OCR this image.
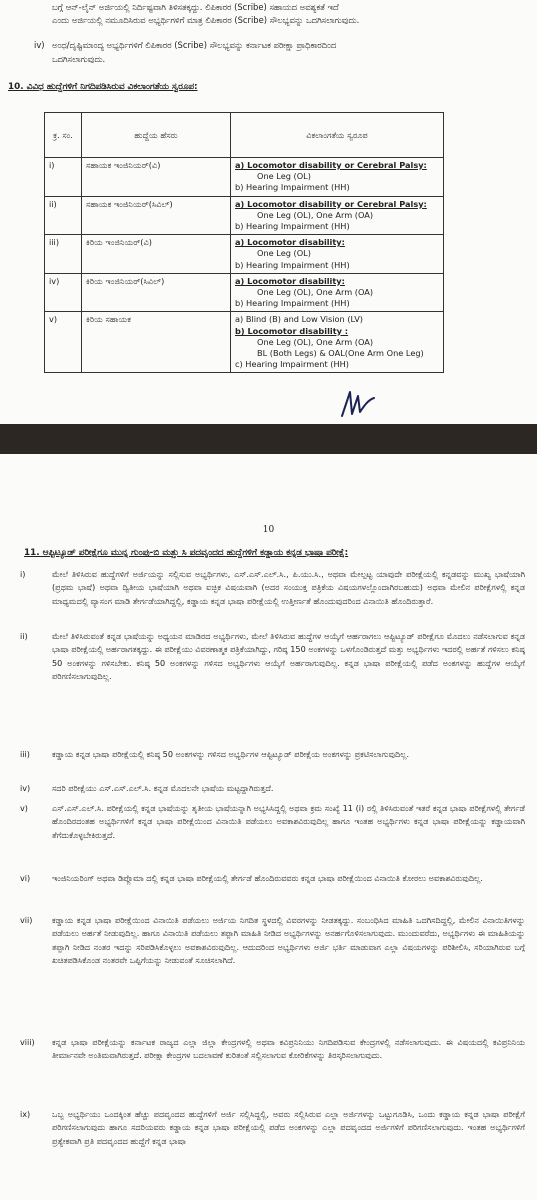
ಬಗ್ಗೆ ಆನ್-ಲೈನ್ ಅರ್ಜಿಯಲ್ಲಿ ನಿರ್ದಿಷ್ಟವಾಗಿ ತಿಳಿಸತಕ್ಕದ್ದು. ಲಿಪಿಕಾರರ (Scribe) ಸಹಾಯದ ಅವಶ್ಯಕತೆ ಇದೆ
ಎಂದು ಅರ್ಜಿಯಲ್ಲಿ ನಮೂದಿಸಿರುವ ಅಭ್ಯರ್ಥಿಗಳಿಗೆ ಮಾತ್ರ ಲಿಪಿಕಾರರ (Scribe) ಸೌಲಭ್ಯವನ್ನು ಒದಗಿಸಲಾಗುವುದು.
iv) ಅಂಧ/ದೃಷ್ಟಿಮಾಂದ್ಯ ಅಭ್ಯರ್ಥಿಗಳಿಗೆ ಲಿಪಿಕಾರರ (Scribe) ಸೌಲಭ್ಯವನ್ನು ಕರ್ನಾಟಕ ಪರೀಕ್ಷಾ ಪ್ರಾಧಿಕಾರದಿಂದ
ಒದಗಿಸಲಾಗುವುದು.
10. ವಿವಿಧ ಹುದ್ದೆಗಳಿಗೆ ನಿಗದಿಪಡಿಸಿರುವ ವಿಕಲಾಂಗತೆಯ ಸ್ವರೂಪ:
ಕ್ರ. ಸಂ.	ಹುದ್ದೆಯ ಹೆಸರು	ವಿಕಲಾಂಗತೆಯ ಸ್ವರೂಪ
i)	ಸಹಾಯಕ ಇಂಜಿನಿಯರ್(ವಿ)	a) Locomotor disability or Cerebral Palsy:
One Leg (OL)
b) Hearing Impairment (HH)

ii)	ಸಹಾಯಕ ಇಂಜಿನಿಯರ್(ಸಿವಿಲ್)	a) Locomotor disability or Cerebral Palsy:
One Leg (OL), One Arm (OA)
b) Hearing Impairment (HH)

iii)	ಕಿರಿಯ ಇಂಜಿನಿಯರ್(ವಿ)	a) Locomotor disability:
One Leg (OL)
b) Hearing Impairment (HH)

iv)	ಕಿರಿಯ ಇಂಜಿನಿಯರ್(ಸಿವಿಲ್)	a) Locomotor disability:
One Leg (OL), One Arm (OA)
b) Hearing Impairment (HH)

v)	ಕಿರಿಯ ಸಹಾಯಕ	a) Blind (B) and Low Vision (LV)
b) Locomotor disability :
One Leg (OL), One Arm (OA)
BL (Both Legs) & OAL(One Arm One Leg)
c) Hearing Impairment (HH)
10
11. ಆಪ್ಟಿಟ್ಯೂಡ್ ಪರೀಕ್ಷೆಗೂ ಮುನ್ನ ಗುಂಪು-ಬಿ ಮತ್ತು ಸಿ ಪದವೃಂದದ ಹುದ್ದೆಗಳಿಗೆ ಕಡ್ಡಾಯ ಕನ್ನಡ ಭಾಷಾ ಪರೀಕ್ಷೆ:
i)	ಮೇಲೆ ತಿಳಿಸಿರುವ ಹುದ್ದೆಗಳಿಗೆ ಅರ್ಜಿಯನ್ನು ಸಲ್ಲಿಸುವ ಅಭ್ಯರ್ಥಿಗಳು, ಎಸ್.ಎಸ್.ಎಲ್.ಸಿ., ಪಿ.ಯು.ಸಿ., ಅಥವಾ ಮೇಲ್ಪಟ್ಟ ಯಾವುದೇ ಪರೀಕ್ಷೆಯಲ್ಲಿ ಕನ್ನಡವನ್ನು ಮುಖ್ಯ ಭಾಷೆಯಾಗಿ (ಪ್ರಥಮ ಭಾಷೆ) ಅಥವಾ ದ್ವಿತೀಯ ಭಾಷೆಯಾಗಿ ಅಥವಾ ಐಚ್ಛಿಕ ವಿಷಯವಾಗಿ (ಅದರ ಸಂಯುಕ್ತ ಪತ್ರಿಕೆಯ ವಿಷಯಗಳಲ್ಲೊಂದಾಗಿರಬಹುದು) ಅಥವಾ ಮೇಲಿನ ಪರೀಕ್ಷೆಗಳಲ್ಲಿ ಕನ್ನಡ ಮಾಧ್ಯಮದಲ್ಲಿ ವ್ಯಾಸಂಗ ಮಾಡಿ ತೇರ್ಗಡೆಯಾಗಿದ್ದಲ್ಲಿ, ಕಡ್ಡಾಯ ಕನ್ನಡ ಭಾಷಾ ಪರೀಕ್ಷೆಯಲ್ಲಿ ಉತ್ತೀರ್ಣತೆ ಹೊಂದುವುದರಿಂದ ವಿನಾಯಿತಿ ಹೊಂದಿರುತ್ತಾರೆ.
ii)	ಮೇಲೆ ತಿಳಿಸಿರುವಂತೆ ಕನ್ನಡ ಭಾಷೆಯನ್ನು ಅಧ್ಯಯನ ಮಾಡಿರದ ಅಭ್ಯರ್ಥಿಗಳು, ಮೇಲೆ ತಿಳಿಸಿರುವ ಹುದ್ದೆಗಳ ಆಯ್ಕೆಗೆ ಆರ್ಹರಾಗಲು ಆಪ್ಟಿಟ್ಯೂಡ್ ಪರೀಕ್ಷೆಗೂ ಮೊದಲು ನಡೆಸಲಾಗುವ ಕನ್ನಡ ಭಾಷಾ ಪರೀಕ್ಷೆಯಲ್ಲಿ ಅರ್ಹರಾಗತಕ್ಕದ್ದು. ಈ ಪರೀಕ್ಷೆಯು ವಿವರಣಾತ್ಮಕ ಪತ್ರಿಕೆಯಾಗಿದ್ದು, ಗರಿಷ್ಠ 150 ಅಂಕಗಳನ್ನು ಒಳಗೊಂಡಿರುತ್ತದೆ ಮತ್ತು ಅಭ್ಯರ್ಥಿಗಳು ಇದರಲ್ಲಿ ಅರ್ಹತೆ ಗಳಿಸಲು ಕನಿಷ್ಠ 50 ಅಂಕಗಳನ್ನು ಗಳಿಸಬೇಕು. ಕನಿಷ್ಠ 50 ಅಂಕಗಳನ್ನು ಗಳಿಸದ ಅಭ್ಯರ್ಥಿಗಳು ಆಯ್ಕೆಗೆ ಅರ್ಹರಾಗುವುದಿಲ್ಲ. ಕನ್ನಡ ಭಾಷಾ ಪರೀಕ್ಷೆಯಲ್ಲಿ ಪಡೆದ ಅಂಕಗಳನ್ನು ಹುದ್ದೆಗಳ ಆಯ್ಕೆಗೆ ಪರಿಗಣಿಸಲಾಗುವುದಿಲ್ಲ.
iii)	ಕಡ್ಡಾಯ ಕನ್ನಡ ಭಾಷಾ ಪರೀಕ್ಷೆಯಲ್ಲಿ ಕನಿಷ್ಠ 50 ಅಂಕಗಳನ್ನು ಗಳಿಸದ ಅಭ್ಯರ್ಥಿಗಳ ಆಪ್ಟಿಟ್ಯೂಡ್ ಪರೀಕ್ಷೆಯ ಅಂಕಗಳನ್ನು ಪ್ರಕಟಿಸಲಾಗುವುದಿಲ್ಲ.
iv)	ಸದರಿ ಪರೀಕ್ಷೆಯು ಎಸ್.ಎಸ್.ಎಲ್.ಸಿ. ಕನ್ನಡ ಮೊದಲನೇ ಭಾಷೆಯ ಮಟ್ಟದ್ದಾಗಿರುತ್ತದೆ.
v)	ಎಸ್.ಎಸ್.ಎಲ್.ಸಿ. ಪರೀಕ್ಷೆಯಲ್ಲಿ ಕನ್ನಡ ಭಾಷೆಯನ್ನು ತೃತೀಯ ಭಾಷೆಯನ್ನಾಗಿ ಅಭ್ಯಸಿಸಿದ್ದಲ್ಲಿ ಅಥವಾ ಕ್ರಮ ಸಂಖ್ಯೆ 11 (i) ರಲ್ಲಿ ತಿಳಿಸಿರುವಂತೆ ಇತರೆ ಕನ್ನಡ ಭಾಷಾ ಪರೀಕ್ಷೆಗಳಲ್ಲಿ ತೇರ್ಗಡೆ ಹೊಂದಿರದಂತಹ ಅಭ್ಯರ್ಥಿಗಳಿಗೆ ಕನ್ನಡ ಭಾಷಾ ಪರೀಕ್ಷೆಯಿಂದ ವಿನಾಯಿತಿ ಪಡೆಯಲು ಅವಕಾಶವಿರುವುದಿಲ್ಲ ಹಾಗೂ ಇಂತಹ ಅಭ್ಯರ್ಥಿಗಳು ಕನ್ನಡ ಭಾಷಾ ಪರೀಕ್ಷೆಯನ್ನು ಕಡ್ಡಾಯವಾಗಿ ತೆಗೆದುಕೊಳ್ಳಬೇಕಿರುತ್ತದೆ.
vi)	ಇಂಜಿನಿಯರಿಂಗ್ ಅಥವಾ ಡಿಪ್ಲೊಮಾ ದಲ್ಲಿ ಕನ್ನಡ ಭಾಷಾ ಪರೀಕ್ಷೆಯಲ್ಲಿ ತೇರ್ಗಡೆ ಹೊಂದಿರುವವರು ಕನ್ನಡ ಭಾಷಾ ಪರೀಕ್ಷೆಯಿಂದ ವಿನಾಯಿತಿ ಕೋರಲು ಅವಕಾಶವಿರುವುದಿಲ್ಲ.
vii) ಕಡ್ಡಾಯ ಕನ್ನಡ ಭಾಷಾ ಪರೀಕ್ಷೆಯಿಂದ ವಿನಾಯಿತಿ ಪಡೆಯಲು ಅರ್ಜಿಯ ನಿಗದಿತ ಸ್ಥಳದಲ್ಲಿ ವಿವರಗಳನ್ನು ನೀಡತಕ್ಕದ್ದು. ಸಂಬಂಧಿಸಿದ ಮಾಹಿತಿ ಒದಗಿಸದಿದ್ದಲ್ಲಿ, ಮೇಲಿನ ವಿನಾಯಿತಿಗಳನ್ನು ಪಡೆಯಲು ಅರ್ಹತೆ ನೀಡುವುದಿಲ್ಲ. ಹಾಗೂ ವಿನಾಯಿತಿ ಪಡೆಯಲು ತಪ್ಪಾಗಿ ಮಾಹಿತಿ ನೀಡಿದ ಅಭ್ಯರ್ಥಿಗಳನ್ನು ಅನರ್ಹಗೊಳಿಸಲಾಗುವುದು. ಮುಂದುವರೆದು, ಅಭ್ಯರ್ಥಿಗಳು ಈ ಮಾಹಿತಿಯನ್ನು ತಪ್ಪಾಗಿ ನೀಡಿದ ನಂತರ ಇದನ್ನು ಸರಿಪಡಿಸಿಕೊಳ್ಳಲು ಅವಕಾಶವಿರುವುದಿಲ್ಲ. ಆದುದರಿಂದ ಅಭ್ಯರ್ಥಿಗಳು ಅರ್ಜಿ ಭರ್ತಿ ಮಾಡುವಾಗ ಎಲ್ಲಾ ವಿಷಯಗಳನ್ನು ಪರಿಶೀಲಿಸಿ, ಸರಿಯಾಗಿರುವ ಬಗ್ಗೆ ಖಚಿತಪಡಿಸಿಕೊಂಡ ನಂತರವೇ ಒಪ್ಪಿಗೆಯನ್ನು ನೀಡುವಂತೆ ಸೂಚಿಸಲಾಗಿದೆ.
viii) ಕನ್ನಡ ಭಾಷಾ ಪರೀಕ್ಷೆಯನ್ನು ಕರ್ನಾಟಕ ರಾಜ್ಯದ ಎಲ್ಲಾ ಜಿಲ್ಲಾ ಕೇಂದ್ರಗಳಲ್ಲಿ ಅಥವಾ ಕವಿಪ್ರನಿನಿಯು ನಿಗದಿಪಡಿಸುವ ಕೇಂದ್ರಗಳಲ್ಲಿ ನಡೆಸಲಾಗುವುದು. ಈ ವಿಷಯದಲ್ಲಿ ಕವಿಪ್ರನಿನಿಯ ತೀರ್ಮಾನವೇ ಅಂತಿಮವಾಗಿರುತ್ತದೆ. ಪರೀಕ್ಷಾ ಕೇಂದ್ರಗಳ ಬದಲಾವಣೆ ಕುರಿತಂತೆ ಸಲ್ಲಿಸಲಾಗುವ ಕೋರಿಕೆಗಳನ್ನು ತಿರಸ್ಕರಿಸಲಾಗುವುದು.
ix)	ಒಬ್ಬ ಅಭ್ಯರ್ಥಿಯು ಒಂದಕ್ಕಿಂತ ಹೆಚ್ಚು ಪದವೃಂದದ ಹುದ್ದೆಗಳಿಗೆ ಅರ್ಜಿ ಸಲ್ಲಿಸಿದ್ದಲ್ಲಿ, ಅವರು ಸಲ್ಲಿಸಿರುವ ಎಲ್ಲಾ ಅರ್ಜಿಗಳನ್ನು ಒಟ್ಟುಗೂಡಿಸಿ, ಒಂದು ಕಡ್ಡಾಯ ಕನ್ನಡ ಭಾಷಾ ಪರೀಕ್ಷೆಗೆ ಪರಿಗಣಿಸಲಾಗುವುದು ಹಾಗೂ ಸದರಿಯವರು ಕಡ್ಡಾಯ ಕನ್ನಡ ಭಾಷಾ ಪರೀಕ್ಷೆಯಲ್ಲಿ ಪಡೆದ ಅಂಕಗಳನ್ನು ಎಲ್ಲಾ ಪದವೃಂದದ ಅರ್ಜಿಗಳಿಗೆ ಪರಿಗಣಿಸಲಾಗುವುದು. ಇಂತಹ ಅಭ್ಯರ್ಥಿಗಳಿಗೆ ಪ್ರತ್ಯೇಕವಾಗಿ ಪ್ರತಿ ಪದವೃಂದದ ಹುದ್ದೆಗೆ ಕನ್ನಡ ಭಾಷಾ
